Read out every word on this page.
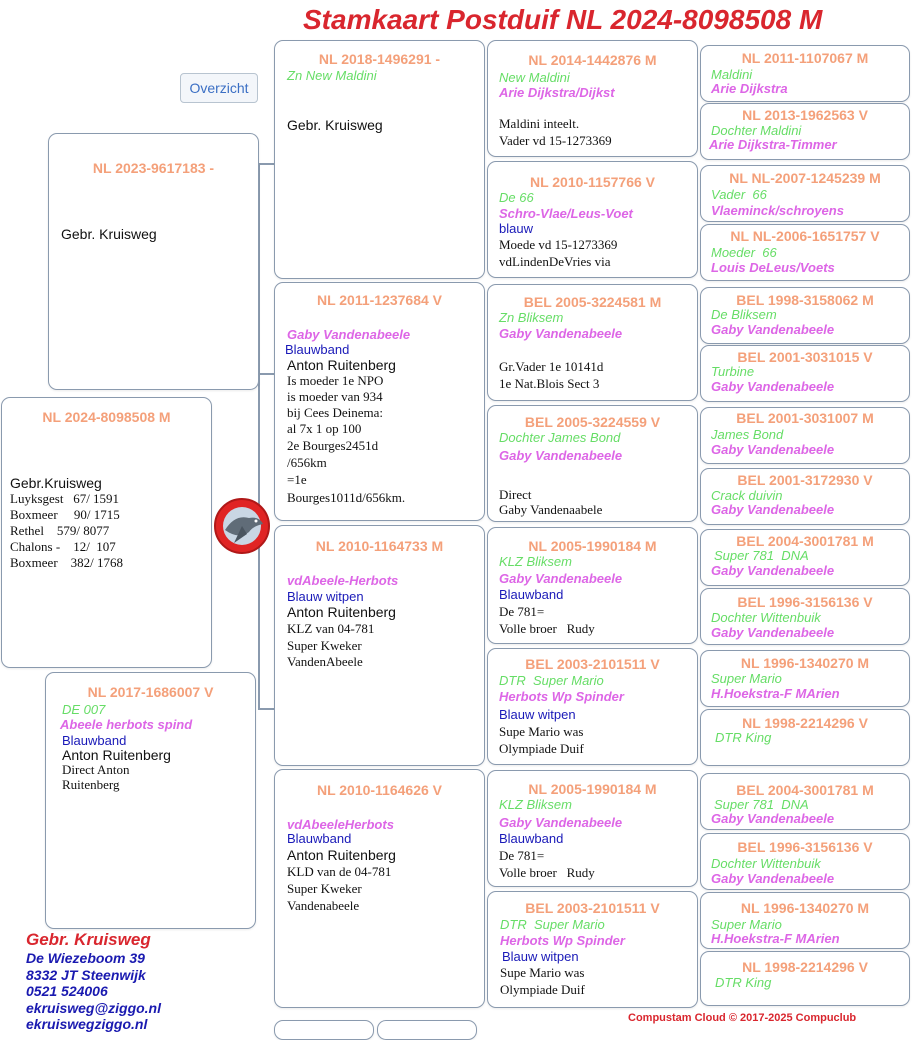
Stamkaart Postduif NL 2024-8098508 M
Overzicht
NL 2024-8098508 M
Gebr.Kruisweg
Luyksgest   67/ 1591
Boxmeer     90/ 1715
Rethel    579/ 8077
Chalons -    12/  107
Boxmeer    382/ 1768
NL 2023-9617183 -
Gebr. Kruisweg
NL 2017-1686007 V
DE 007
Abeele herbots spind
Blauwband
Anton Ruitenberg
Direct Anton
Ruitenberg
NL 2018-1496291 -
Zn New Maldini
Gebr. Kruisweg
NL 2011-1237684 V
Gaby Vandenabeele
Blauwband
Anton Ruitenberg
Is moeder 1e NPO
is moeder van 934
bij Cees Deinema:
al 7x 1 op 100
2e Bourges2451d
/656km
=1e
Bourges1011d/656km.
NL 2010-1164733 M
vdAbeele-Herbots
Blauw witpen
Anton Ruitenberg
KLZ van 04-781
Super Kweker
VandenAbeele
NL 2010-1164626 V
vdAbeeleHerbots
Blauwband
Anton Ruitenberg
KLD van de 04-781
Super Kweker
Vandenabeele
NL 2014-1442876 M
New Maldini
Arie Dijkstra/Dijkst
Maldini inteelt.
Vader vd 15-1273369
NL 2010-1157766 V
De 66
Schro-Vlae/Leus-Voet
blauw
Moede vd 15-1273369
vdLindenDeVries via
BEL 2005-3224581 M
Zn Bliksem
Gaby Vandenabeele
Gr.Vader 1e 10141d
1e Nat.Blois Sect 3
BEL 2005-3224559 V
Dochter James Bond
Gaby Vandenabeele
Direct
Gaby Vandenaabele
NL 2005-1990184 M
KLZ Bliksem
Gaby Vandenabeele
Blauwband
De 781=
Volle broer   Rudy
BEL 2003-2101511 V
DTR  Super Mario
Herbots Wp Spinder
Blauw witpen
Supe Mario was
Olympiade Duif
NL 2005-1990184 M
KLZ Bliksem
Gaby Vandenabeele
Blauwband
De 781=
Volle broer   Rudy
BEL 2003-2101511 V
DTR  Super Mario
Herbots Wp Spinder
Blauw witpen
Supe Mario was
Olympiade Duif
NL 2011-1107067 M
Maldini
Arie Dijkstra
NL 2013-1962563 V
Dochter Maldini
Arie Dijkstra-Timmer
NL NL-2007-1245239 M
Vader  66
Vlaeminck/schroyens
NL NL-2006-1651757 V
Moeder  66
Louis DeLeus/Voets
BEL 1998-3158062 M
De Bliksem
Gaby Vandenabeele
BEL 2001-3031015 V
Turbine
Gaby Vandenabeele
BEL 2001-3031007 M
James Bond
Gaby Vandenabeele
BEL 2001-3172930 V
Crack duivin
Gaby Vandenabeele
BEL 2004-3001781 M
Super 781  DNA
Gaby Vandenabeele
BEL 1996-3156136 V
Dochter Wittenbuik
Gaby Vandenabeele
NL 1996-1340270 M
Super Mario
H.Hoekstra-F MArien
NL 1998-2214296 V
DTR King
BEL 2004-3001781 M
Super 781  DNA
Gaby Vandenabeele
BEL 1996-3156136 V
Dochter Wittenbuik
Gaby Vandenabeele
NL 1996-1340270 M
Super Mario
H.Hoekstra-F MArien
NL 1998-2214296 V
DTR King
Gebr. Kruisweg
De Wiezeboom 39
8332 JT Steenwijk
0521 524006
ekruisweg@ziggo.nl
ekruiswegziggo.nl	Compustam Cloud © 2017-2025 Compuclub
